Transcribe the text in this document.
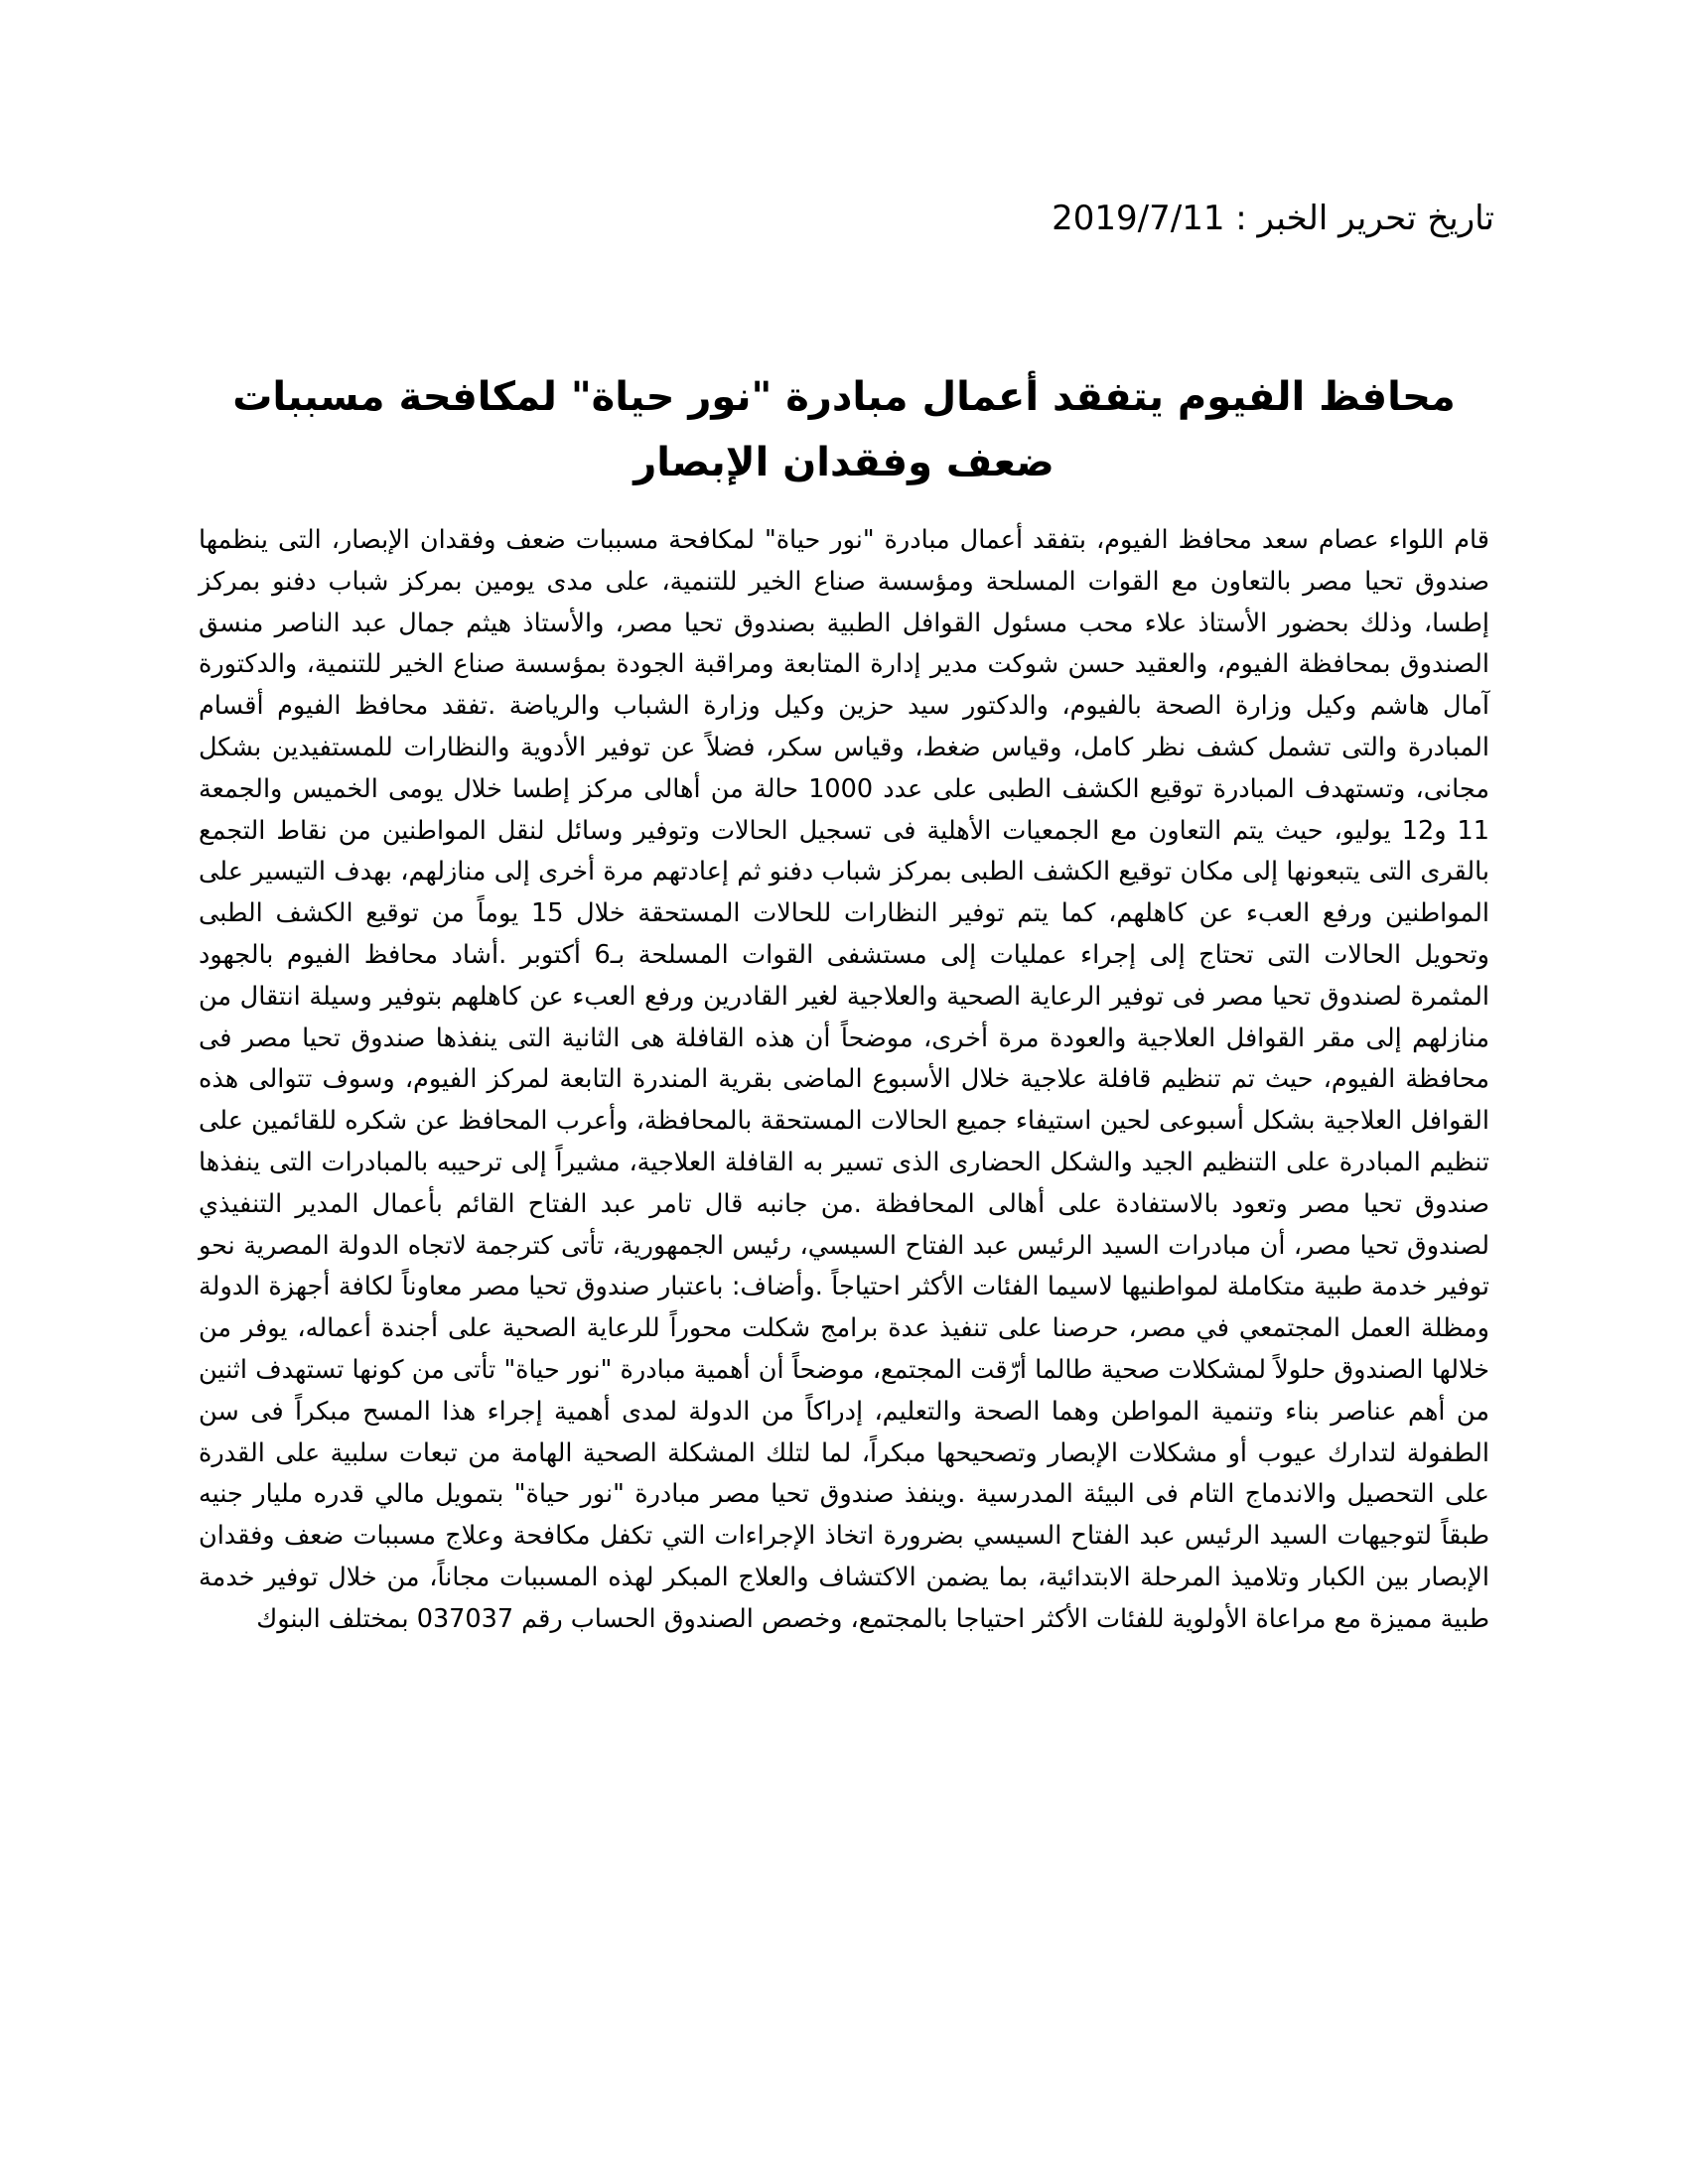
تاريخ تحرير الخبر : 2019/7/11
محافظ الفيوم يتفقد أعمال مبادرة "نور حياة" لمكافحة مسببات ضعف وفقدان الإبصار

قام اللواء عصام سعد محافظ الفيوم، بتفقد أعمال مبادرة "نور حياة" لمكافحة مسببات ضعف وفقدان الإبصار، التى ينظمها صندوق تحيا مصر بالتعاون مع القوات المسلحة ومؤسسة صناع الخير للتنمية، على مدى يومين بمركز شباب دفنو بمركز إطسا، وذلك بحضور الأستاذ علاء محب مسئول القوافل الطبية بصندوق تحيا مصر، والأستاذ هيثم جمال عبد الناصر منسق الصندوق بمحافظة الفيوم، والعقيد حسن شوكت مدير إدارة المتابعة ومراقبة الجودة بمؤسسة صناع الخير للتنمية، والدكتورة آمال هاشم وكيل وزارة الصحة بالفيوم، والدكتور سيد حزين وكيل وزارة الشباب والرياضة .تفقد محافظ الفيوم أقسام المبادرة والتى تشمل كشف نظر كامل، وقياس ضغط، وقياس سكر، فضلاً عن توفير الأدوية والنظارات للمستفيدين بشكل مجانى، وتستهدف المبادرة توقيع الكشف الطبى على عدد 1000 حالة من أهالى مركز إطسا خلال يومى الخميس والجمعة 11 و12 يوليو، حيث يتم التعاون مع الجمعيات الأهلية فى تسجيل الحالات وتوفير وسائل لنقل المواطنين من نقاط التجمع بالقرى التى يتبعونها إلى مكان توقيع الكشف الطبى بمركز شباب دفنو ثم إعادتهم مرة أخرى إلى منازلهم، بهدف التيسير على المواطنين ورفع العبء عن كاهلهم، كما يتم توفير النظارات للحالات المستحقة خلال 15 يوماً من توقيع الكشف الطبى وتحويل الحالات التى تحتاج إلى إجراء عمليات إلى مستشفى القوات المسلحة بـ6 أكتوبر .أشاد محافظ الفيوم بالجهود المثمرة لصندوق تحيا مصر فى توفير الرعاية الصحية والعلاجية لغير القادرين ورفع العبء عن كاهلهم بتوفير وسيلة انتقال من منازلهم إلى مقر القوافل العلاجية والعودة مرة أخرى، موضحاً أن هذه القافلة هى الثانية التى ينفذها صندوق تحيا مصر فى محافظة الفيوم، حيث تم تنظيم قافلة علاجية خلال الأسبوع الماضى بقرية المندرة التابعة لمركز الفيوم، وسوف تتوالى هذه القوافل العلاجية بشكل أسبوعى لحين استيفاء جميع الحالات المستحقة بالمحافظة، وأعرب المحافظ عن شكره للقائمين على تنظيم المبادرة على التنظيم الجيد والشكل الحضارى الذى تسير به القافلة العلاجية، مشيراً إلى ترحيبه بالمبادرات التى ينفذها صندوق تحيا مصر وتعود بالاستفادة على أهالى المحافظة .من جانبه قال تامر عبد الفتاح القائم بأعمال المدير التنفيذي لصندوق تحيا مصر، أن مبادرات السيد الرئيس عبد الفتاح السيسي، رئيس الجمهورية، تأتى كترجمة لاتجاه الدولة المصرية نحو توفير خدمة طبية متكاملة لمواطنيها لاسيما الفئات الأكثر احتياجاً .وأضاف: باعتبار صندوق تحيا مصر معاوناً لكافة أجهزة الدولة ومظلة العمل المجتمعي في مصر، حرصنا على تنفيذ عدة برامج شكلت محوراً للرعاية الصحية على أجندة أعماله، يوفر من خلالها الصندوق حلولاً لمشكلات صحية طالما أرّقت المجتمع، موضحاً أن أهمية مبادرة "نور حياة" تأتى من كونها تستهدف اثنين من أهم عناصر بناء وتنمية المواطن وهما الصحة والتعليم، إدراكاً من الدولة لمدى أهمية إجراء هذا المسح مبكراً فى سن الطفولة لتدارك عيوب أو مشكلات الإبصار وتصحيحها مبكراً، لما لتلك المشكلة الصحية الهامة من تبعات سلبية على القدرة على التحصيل والاندماج التام فى البيئة المدرسية .وينفذ صندوق تحيا مصر مبادرة "نور حياة" بتمويل مالي قدره مليار جنيه طبقاً لتوجيهات السيد الرئيس عبد الفتاح السيسي بضرورة اتخاذ الإجراءات التي تكفل مكافحة وعلاج مسببات ضعف وفقدان الإبصار بين الكبار وتلاميذ المرحلة الابتدائية، بما يضمن الاكتشاف والعلاج المبكر لهذه المسببات مجاناً، من خلال توفير خدمة طبية مميزة مع مراعاة الأولوية للفئات الأكثر احتياجا بالمجتمع، وخصص الصندوق الحساب رقم 037037 بمختلف البنوك
